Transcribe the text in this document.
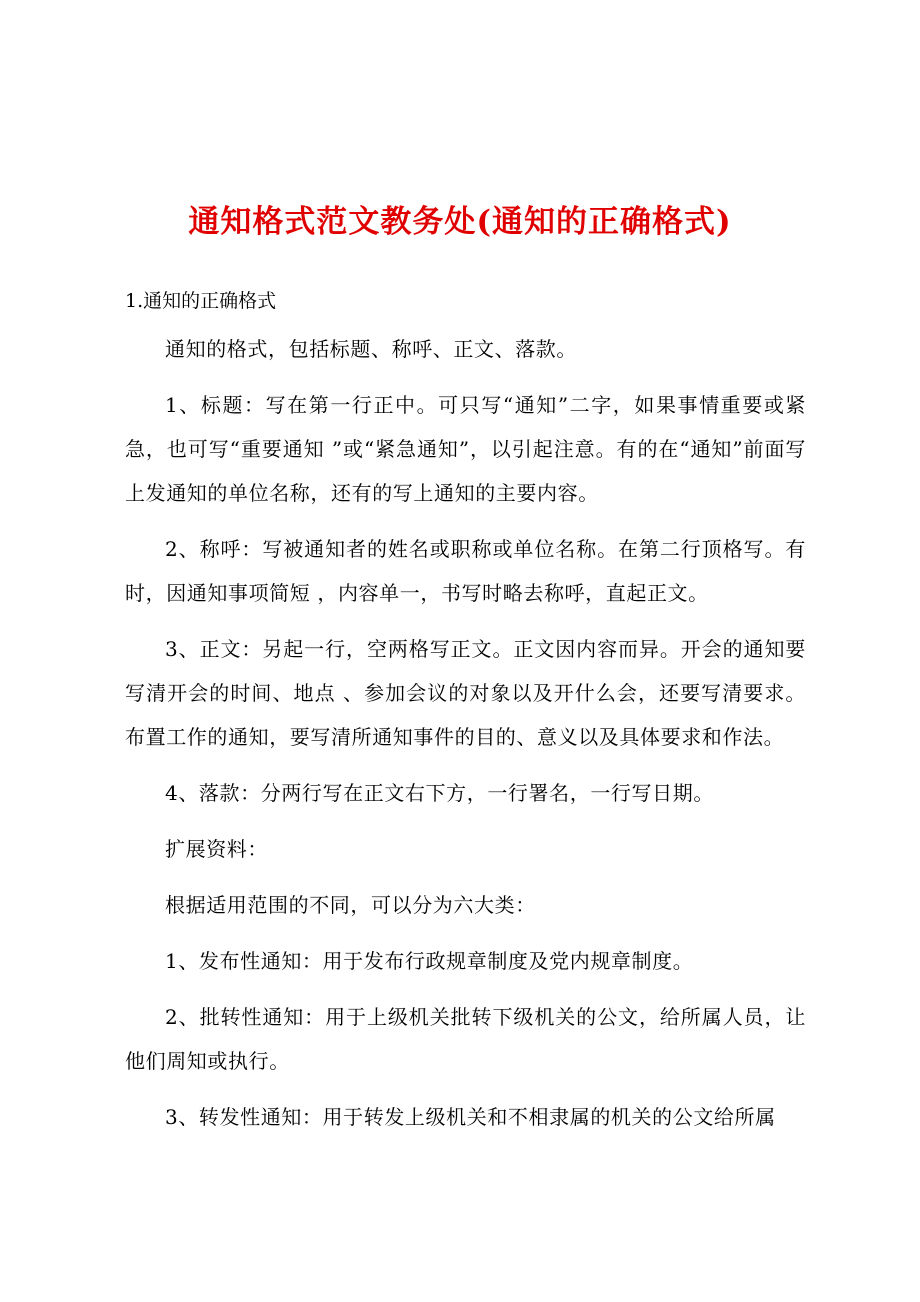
通知格式范文教务处(通知的正确格式)

1.通知的正确格式

通知的格式，包括标题、称呼、正文、落款。

1、标题：写在第一行正中。可只写“通知”二字，如果事情重要或紧急，也可写“重要通知 ”或“紧急通知”，以引起注意。有的在“通知”前面写上发通知的单位名称，还有的写上通知的主要内容。

2、称呼：写被通知者的姓名或职称或单位名称。在第二行顶格写。有时，因通知事项简短 ，内容单一，书写时略去称呼，直起正文。

3、正文：另起一行，空两格写正文。正文因内容而异。开会的通知要写清开会的时间、地点 、参加会议的对象以及开什么会，还要写清要求。布置工作的通知，要写清所通知事件的目的、意义以及具体要求和作法。

4、落款：分两行写在正文右下方，一行署名，一行写日期。

扩展资料：

根据适用范围的不同，可以分为六大类：

1、发布性通知：用于发布行政规章制度及党内规章制度。

2、批转性通知：用于上级机关批转下级机关的公文，给所属人员，让他们周知或执行。

3、转发性通知：用于转发上级机关和不相隶属的机关的公文给所属
